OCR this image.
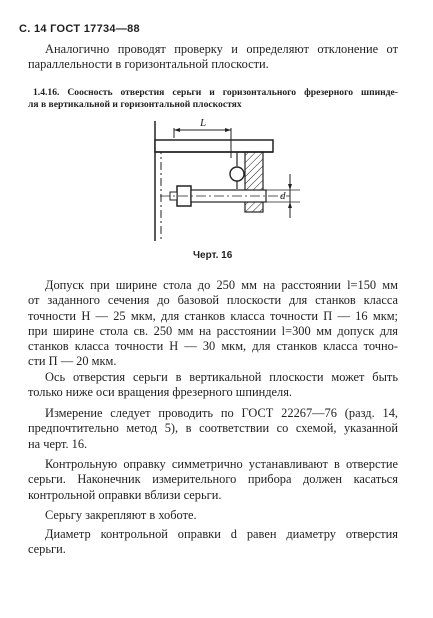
С. 14 ГОСТ 17734—88
Аналогично проводят проверку и определяют отклонение от
параллельности в горизонтальной плоскости.
1.4.16. Соосность отверстия серьги и горизонтального фрезерного шпинде-
ля в вертикальной и горизонтальной плоскостях
L
d
Черт. 16
Допуск при ширине стола до 250 мм на расстоянии l=150 мм
от заданного сечения до базовой плоскости для станков класса
точности Н — 25 мкм, для станков класса точности П — 16 мкм;
при ширине стола св. 250 мм на расстоянии l=300 мм допуск для
станков класса точности Н — 30 мкм, для станков класса точно-
сти П — 20 мкм.
Ось отверстия серьги в вертикальной плоскости может быть
только ниже оси вращения фрезерного шпинделя.
Измерение следует проводить по ГОСТ 22267—76 (разд. 14,
предпочтительно метод 5), в соответствии со схемой, указанной
на черт. 16.
Контрольную оправку симметрично устанавливают в отверстие
серьги. Наконечник измерительного прибора должен касаться
контрольной оправки вблизи серьги.
Серьгу закрепляют в хоботе.
Диаметр контрольной оправки d равен диаметру отверстия
серьги.
